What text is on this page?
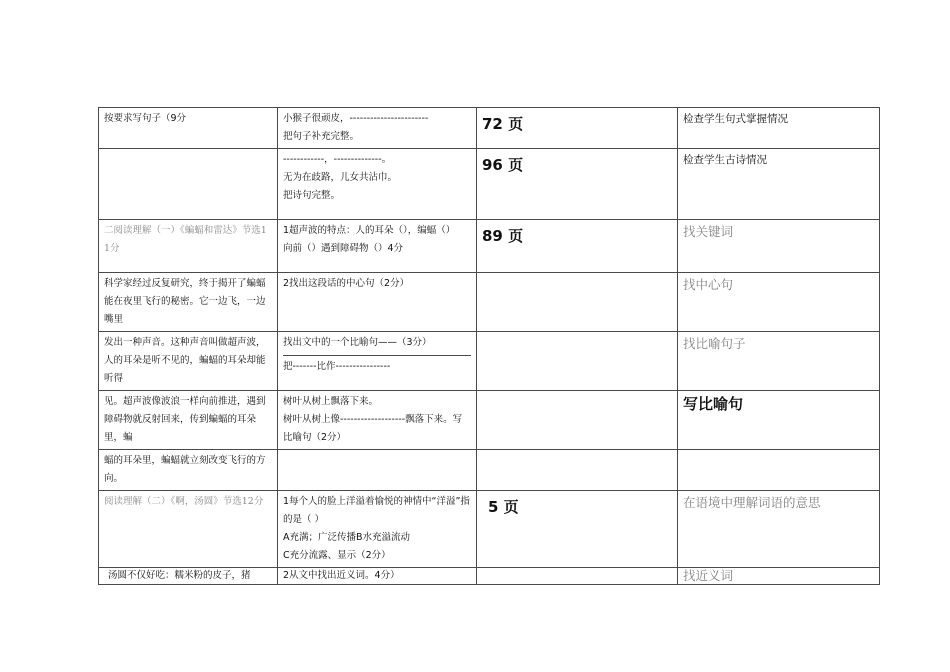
按要求写句子（9分	小猴子很顽皮，-----------------------
把句子补充完整。	72 页	检查学生句式掌握情况

	------------，--------------。
无为在歧路，儿女共沾巾。
把诗句完整。	96 页	检查学生古诗情况

二阅读理解（一）《蝙蝠和雷达》节选11分	1超声波的特点：人的耳朵（），编蝠（）
向前（）遇到障碍物（）4分	89 页	找关键词

科学家经过反复研究，终于揭开了蝙蝠能在夜里飞行的秘密。它一边飞，一边嘴里	2找出这段话的中心句（2分）		找中心句

发出一种声音。这种声音叫做超声波，人的耳朵是听不见的，蝙蝠的耳朵却能听得	找出文中的一个比喻句——（3分）
把-------比作----------------		找比喻句子

见。超声波像波浪一样向前推进，遇到障碍物就反射回来，传到蝙蝠的耳朵里，蝙	树叶从树上飘落下来。
树叶从树上像-------------------飘落下来。写比喻句（2分）		写比喻句

蝠的耳朵里，蝙蝠就立刻改变飞行的方向。			

阅读理解（二）《啊，汤圆》节选12分	1每个人的脸上洋溢着愉悦的神情中“洋溢”指的是（ ）
A充满；广泛传播B水充溢流动
C充分流露、显示（2分）	5 页	在语境中理解词语的意思

汤圆不仅好吃：糯米粉的皮子，猪	2从文中找出近义词。4分）		找近义词
